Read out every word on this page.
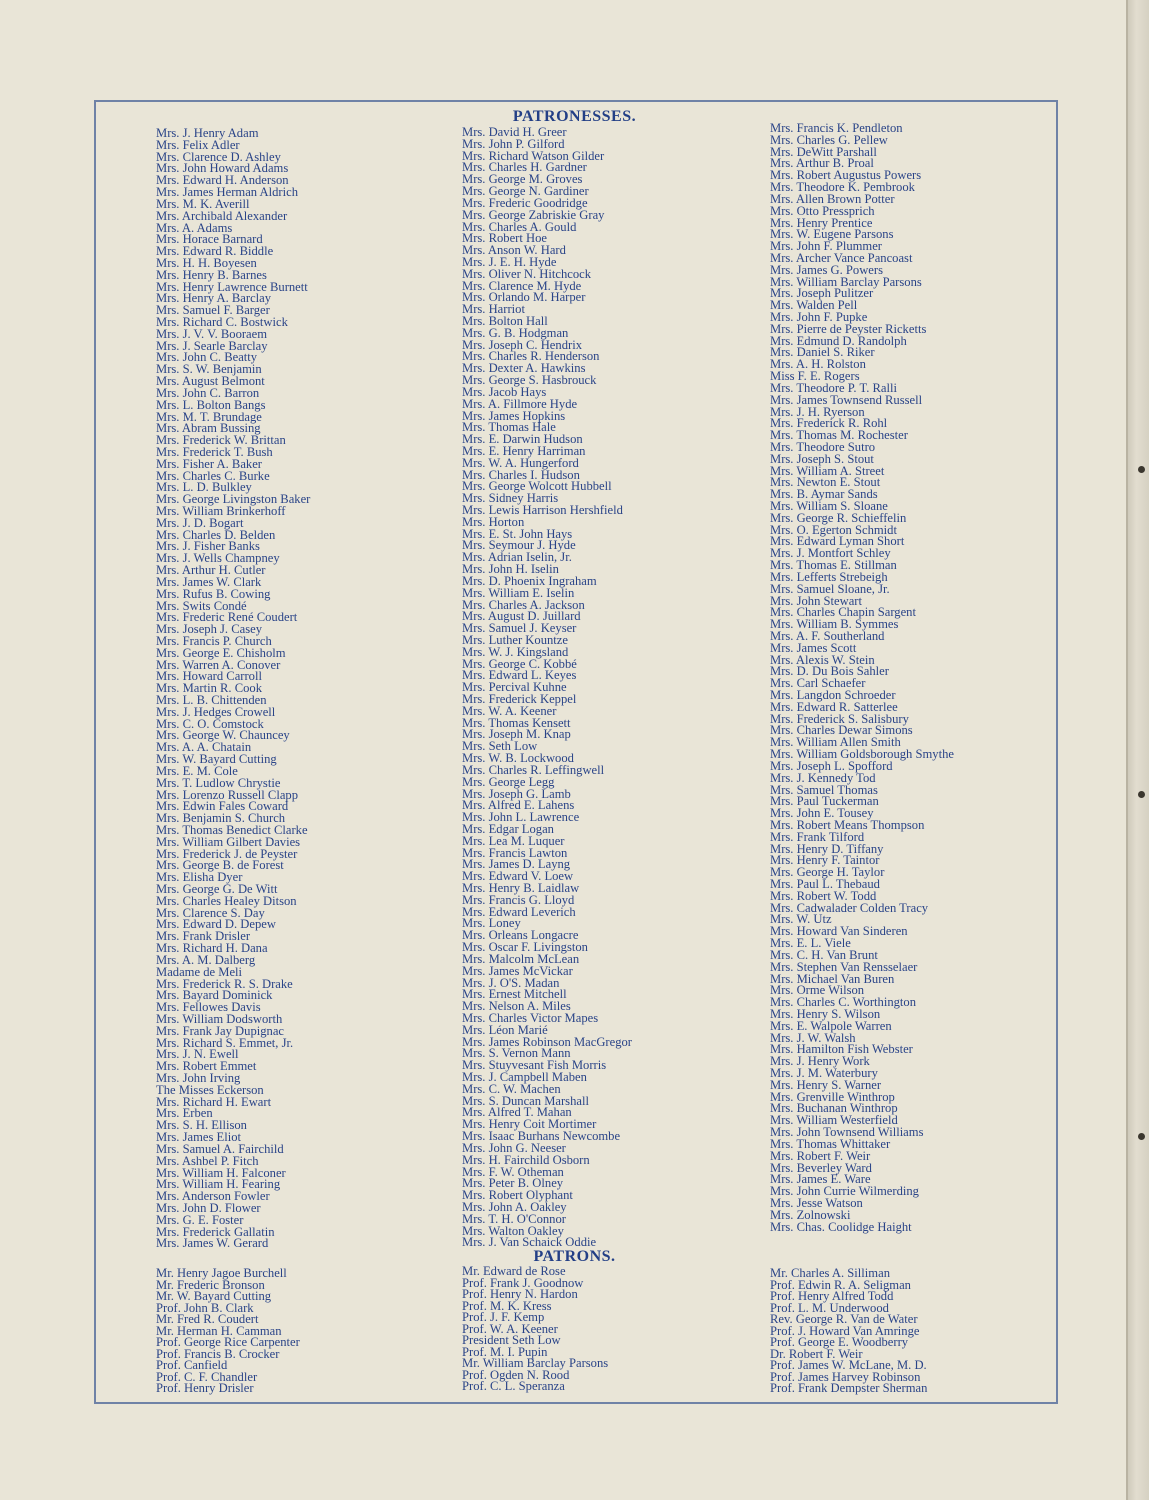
PATRONESSES.
Mrs. J. Henry Adam
Mrs. Felix Adler
Mrs. Clarence D. Ashley
Mrs. John Howard Adams
Mrs. Edward H. Anderson
Mrs. James Herman Aldrich
Mrs. M. K. Averill
Mrs. Archibald Alexander
Mrs. A. Adams
Mrs. Horace Barnard
Mrs. Edward R. Biddle
Mrs. H. H. Boyesen
Mrs. Henry B. Barnes
Mrs. Henry Lawrence Burnett
Mrs. Henry A. Barclay
Mrs. Samuel F. Barger
Mrs. Richard C. Bostwick
Mrs. J. V. V. Booraem
Mrs. J. Searle Barclay
Mrs. John C. Beatty
Mrs. S. W. Benjamin
Mrs. August Belmont
Mrs. John C. Barron
Mrs. L. Bolton Bangs
Mrs. M. T. Brundage
Mrs. Abram Bussing
Mrs. Frederick W. Brittan
Mrs. Frederick T. Bush
Mrs. Fisher A. Baker
Mrs. Charles C. Burke
Mrs. L. D. Bulkley
Mrs. George Livingston Baker
Mrs. William Brinkerhoff
Mrs. J. D. Bogart
Mrs. Charles D. Belden
Mrs. J. Fisher Banks
Mrs. J. Wells Champney
Mrs. Arthur H. Cutler
Mrs. James W. Clark
Mrs. Rufus B. Cowing
Mrs. Swits Condé
Mrs. Frederic René Coudert
Mrs. Joseph J. Casey
Mrs. Francis P. Church
Mrs. George E. Chisholm
Mrs. Warren A. Conover
Mrs. Howard Carroll
Mrs. Martin R. Cook
Mrs. L. B. Chittenden
Mrs. J. Hedges Crowell
Mrs. C. O. Comstock
Mrs. George W. Chauncey
Mrs. A. A. Chatain
Mrs. W. Bayard Cutting
Mrs. E. M. Cole
Mrs. T. Ludlow Chrystie
Mrs. Lorenzo Russell Clapp
Mrs. Edwin Fales Coward
Mrs. Benjamin S. Church
Mrs. Thomas Benedict Clarke
Mrs. William Gilbert Davies
Mrs. Frederick J. de Peyster
Mrs. George B. de Forest
Mrs. Elisha Dyer
Mrs. George G. De Witt
Mrs. Charles Healey Ditson
Mrs. Clarence S. Day
Mrs. Edward D. Depew
Mrs. Frank Drisler
Mrs. Richard H. Dana
Mrs. A. M. Dalberg
Madame de Meli
Mrs. Frederick R. S. Drake
Mrs. Bayard Dominick
Mrs. Fellowes Davis
Mrs. William Dodsworth
Mrs. Frank Jay Dupignac
Mrs. Richard S. Emmet, Jr.
Mrs. J. N. Ewell
Mrs. Robert Emmet
Mrs. John Irving
The Misses Eckerson
Mrs. Richard H. Ewart
Mrs. Erben
Mrs. S. H. Ellison
Mrs. James Eliot
Mrs. Samuel A. Fairchild
Mrs. Ashbel P. Fitch
Mrs. William H. Falconer
Mrs. William H. Fearing
Mrs. Anderson Fowler
Mrs. John D. Flower
Mrs. G. E. Foster
Mrs. Frederick Gallatin
Mrs. James W. Gerard
Mrs. David H. Greer
Mrs. John P. Gilford
Mrs. Richard Watson Gilder
Mrs. Charles H. Gardner
Mrs. George M. Groves
Mrs. George N. Gardiner
Mrs. Frederic Goodridge
Mrs. George Zabriskie Gray
Mrs. Charles A. Gould
Mrs. Robert Hoe
Mrs. Anson W. Hard
Mrs. J. E. H. Hyde
Mrs. Oliver N. Hitchcock
Mrs. Clarence M. Hyde
Mrs. Orlando M. Harper
Mrs. Harriot
Mrs. Bolton Hall
Mrs. G. B. Hodgman
Mrs. Joseph C. Hendrix
Mrs. Charles R. Henderson
Mrs. Dexter A. Hawkins
Mrs. George S. Hasbrouck
Mrs. Jacob Hays
Mrs. A. Fillmore Hyde
Mrs. James Hopkins
Mrs. Thomas Hale
Mrs. E. Darwin Hudson
Mrs. E. Henry Harriman
Mrs. W. A. Hungerford
Mrs. Charles I. Hudson
Mrs. George Wolcott Hubbell
Mrs. Sidney Harris
Mrs. Lewis Harrison Hershfield
Mrs. Horton
Mrs. E. St. John Hays
Mrs. Seymour J. Hyde
Mrs. Adrian Iselin, Jr.
Mrs. John H. Iselin
Mrs. D. Phoenix Ingraham
Mrs. William E. Iselin
Mrs. Charles A. Jackson
Mrs. August D. Juillard
Mrs. Samuel J. Keyser
Mrs. Luther Kountze
Mrs. W. J. Kingsland
Mrs. George C. Kobbé
Mrs. Edward L. Keyes
Mrs. Percival Kuhne
Mrs. Frederick Keppel
Mrs. W. A. Keener
Mrs. Thomas Kensett
Mrs. Joseph M. Knap
Mrs. Seth Low
Mrs. W. B. Lockwood
Mrs. Charles R. Leffingwell
Mrs. George Legg
Mrs. Joseph G. Lamb
Mrs. Alfred E. Lahens
Mrs. John L. Lawrence
Mrs. Edgar Logan
Mrs. Lea M. Luquer
Mrs. Francis Lawton
Mrs. James D. Layng
Mrs. Edward V. Loew
Mrs. Henry B. Laidlaw
Mrs. Francis G. Lloyd
Mrs. Edward Leverich
Mrs. Loney
Mrs. Orleans Longacre
Mrs. Oscar F. Livingston
Mrs. Malcolm McLean
Mrs. James McVickar
Mrs. J. O'S. Madan
Mrs. Ernest Mitchell
Mrs. Nelson A. Miles
Mrs. Charles Victor Mapes
Mrs. Léon Marié
Mrs. James Robinson MacGregor
Mrs. S. Vernon Mann
Mrs. Stuyvesant Fish Morris
Mrs. J. Campbell Maben
Mrs. C. W. Machen
Mrs. S. Duncan Marshall
Mrs. Alfred T. Mahan
Mrs. Henry Coit Mortimer
Mrs. Isaac Burhans Newcombe
Mrs. John G. Neeser
Mrs. H. Fairchild Osborn
Mrs. F. W. Otheman
Mrs. Peter B. Olney
Mrs. Robert Olyphant
Mrs. John A. Oakley
Mrs. T. H. O'Connor
Mrs. Walton Oakley
Mrs. J. Van Schaick Oddie
Mrs. Francis K. Pendleton
Mrs. Charles G. Pellew
Mrs. DeWitt Parshall
Mrs. Arthur B. Proal
Mrs. Robert Augustus Powers
Mrs. Theodore K. Pembrook
Mrs. Allen Brown Potter
Mrs. Otto Pressprich
Mrs. Henry Prentice
Mrs. W. Eugene Parsons
Mrs. John F. Plummer
Mrs. Archer Vance Pancoast
Mrs. James G. Powers
Mrs. William Barclay Parsons
Mrs. Joseph Pulitzer
Mrs. Walden Pell
Mrs. John F. Pupke
Mrs. Pierre de Peyster Ricketts
Mrs. Edmund D. Randolph
Mrs. Daniel S. Riker
Mrs. A. H. Rolston
Miss F. E. Rogers
Mrs. Theodore P. T. Ralli
Mrs. James Townsend Russell
Mrs. J. H. Ryerson
Mrs. Frederick R. Rohl
Mrs. Thomas M. Rochester
Mrs. Theodore Sutro
Mrs. Joseph S. Stout
Mrs. William A. Street
Mrs. Newton E. Stout
Mrs. B. Aymar Sands
Mrs. William S. Sloane
Mrs. George R. Schieffelin
Mrs. O. Egerton Schmidt
Mrs. Edward Lyman Short
Mrs. J. Montfort Schley
Mrs. Thomas E. Stillman
Mrs. Lefferts Strebeigh
Mrs. Samuel Sloane, Jr.
Mrs. John Stewart
Mrs. Charles Chapin Sargent
Mrs. William B. Symmes
Mrs. A. F. Southerland
Mrs. James Scott
Mrs. Alexis W. Stein
Mrs. D. Du Bois Sahler
Mrs. Carl Schaefer
Mrs. Langdon Schroeder
Mrs. Edward R. Satterlee
Mrs. Frederick S. Salisbury
Mrs. Charles Dewar Simons
Mrs. William Allen Smith
Mrs. William Goldsborough Smythe
Mrs. Joseph L. Spofford
Mrs. J. Kennedy Tod
Mrs. Samuel Thomas
Mrs. Paul Tuckerman
Mrs. John E. Tousey
Mrs. Robert Means Thompson
Mrs. Frank Tilford
Mrs. Henry D. Tiffany
Mrs. Henry F. Taintor
Mrs. George H. Taylor
Mrs. Paul L. Thebaud
Mrs. Robert W. Todd
Mrs. Cadwalader Colden Tracy
Mrs. W. Utz
Mrs. Howard Van Sinderen
Mrs. E. L. Viele
Mrs. C. H. Van Brunt
Mrs. Stephen Van Rensselaer
Mrs. Michael Van Buren
Mrs. Orme Wilson
Mrs. Charles C. Worthington
Mrs. Henry S. Wilson
Mrs. E. Walpole Warren
Mrs. J. W. Walsh
Mrs. Hamilton Fish Webster
Mrs. J. Henry Work
Mrs. J. M. Waterbury
Mrs. Henry S. Warner
Mrs. Grenville Winthrop
Mrs. Buchanan Winthrop
Mrs. William Westerfield
Mrs. John Townsend Williams
Mrs. Thomas Whittaker
Mrs. Robert F. Weir
Mrs. Beverley Ward
Mrs. James E. Ware
Mrs. John Currie Wilmerding
Mrs. Jesse Watson
Mrs. Zolnowski
Mrs. Chas. Coolidge Haight
PATRONS.
Mr. Henry Jagoe Burchell
Mr. Frederic Bronson
Mr. W. Bayard Cutting
Prof. John B. Clark
Mr. Fred R. Coudert
Mr. Herman H. Camman
Prof. George Rice Carpenter
Prof. Francis B. Crocker
Prof. Canfield
Prof. C. F. Chandler
Prof. Henry Drisler
Mr. Edward de Rose
Prof. Frank J. Goodnow
Prof. Henry N. Hardon
Prof. M. K. Kress
Prof. J. F. Kemp
Prof. W. A. Keener
President Seth Low
Prof. M. I. Pupin
Mr. William Barclay Parsons
Prof. Ogden N. Rood
Prof. C. L. Speranza
Mr. Charles A. Silliman
Prof. Edwin R. A. Seligman
Prof. Henry Alfred Todd
Prof. L. M. Underwood
Rev. George R. Van de Water
Prof. J. Howard Van Amringe
Prof. George E. Woodberry
Dr. Robert F. Weir
Prof. James W. McLane, M. D.
Prof. James Harvey Robinson
Prof. Frank Dempster Sherman
